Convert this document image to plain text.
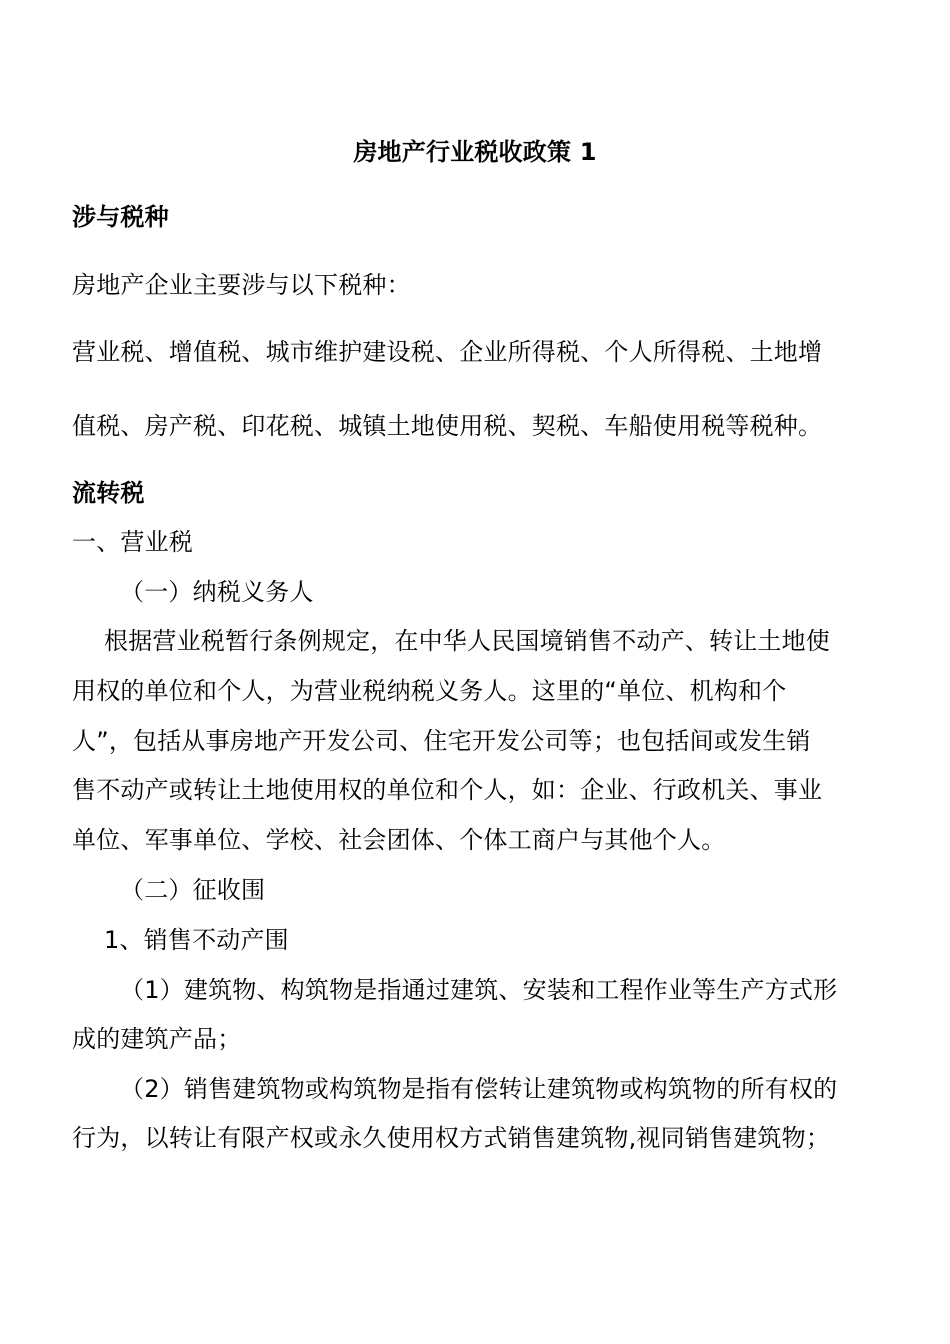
房地产行业税收政策 1
涉与税种
房地产企业主要涉与以下税种：
营业税、增值税、城市维护建设税、企业所得税、个人所得税、土地增
值税、房产税、印花税、城镇土地使用税、契税、车船使用税等税种。
流转税
一、营业税
（一）纳税义务人
根据营业税暂行条例规定，在中华人民国境销售不动产、转让土地使
用权的单位和个人，为营业税纳税义务人。这里的“单位、机构和个
人”，包括从事房地产开发公司、住宅开发公司等；也包括间或发生销
售不动产或转让土地使用权的单位和个人，如：企业、行政机关、事业
单位、军事单位、学校、社会团体、个体工商户与其他个人。
（二）征收围
1、销售不动产围
（1）建筑物、构筑物是指通过建筑、安装和工程作业等生产方式形
成的建筑产品；
（2）销售建筑物或构筑物是指有偿转让建筑物或构筑物的所有权的
行为，以转让有限产权或永久使用权方式销售建筑物,视同销售建筑物；
